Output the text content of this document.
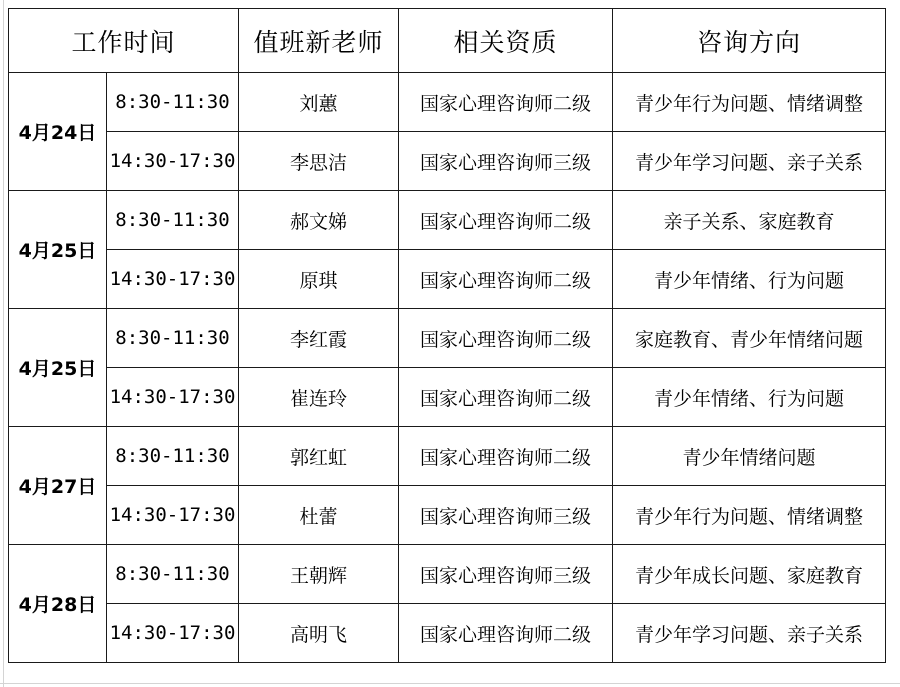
工作时间		值班新老师	相关资质	咨询方向
4月24日	8:30-11:30	刘蕙	国家心理咨询师二级	青少年行为问题、情绪调整
	14:30-17:30	李思洁	国家心理咨询师三级	青少年学习问题、亲子关系
4月25日	8:30-11:30	郝文娣	国家心理咨询师二级	亲子关系、家庭教育
	14:30-17:30	原琪	国家心理咨询师二级	青少年情绪、行为问题
4月25日	8:30-11:30	李红霞	国家心理咨询师二级	家庭教育、青少年情绪问题
	14:30-17:30	崔连玲	国家心理咨询师二级	青少年情绪、行为问题
4月27日	8:30-11:30	郭红虹	国家心理咨询师二级	青少年情绪问题
	14:30-17:30	杜蕾	国家心理咨询师三级	青少年行为问题、情绪调整
4月28日	8:30-11:30	王朝辉	国家心理咨询师三级	青少年成长问题、家庭教育
	14:30-17:30	高明飞	国家心理咨询师二级	青少年学习问题、亲子关系
